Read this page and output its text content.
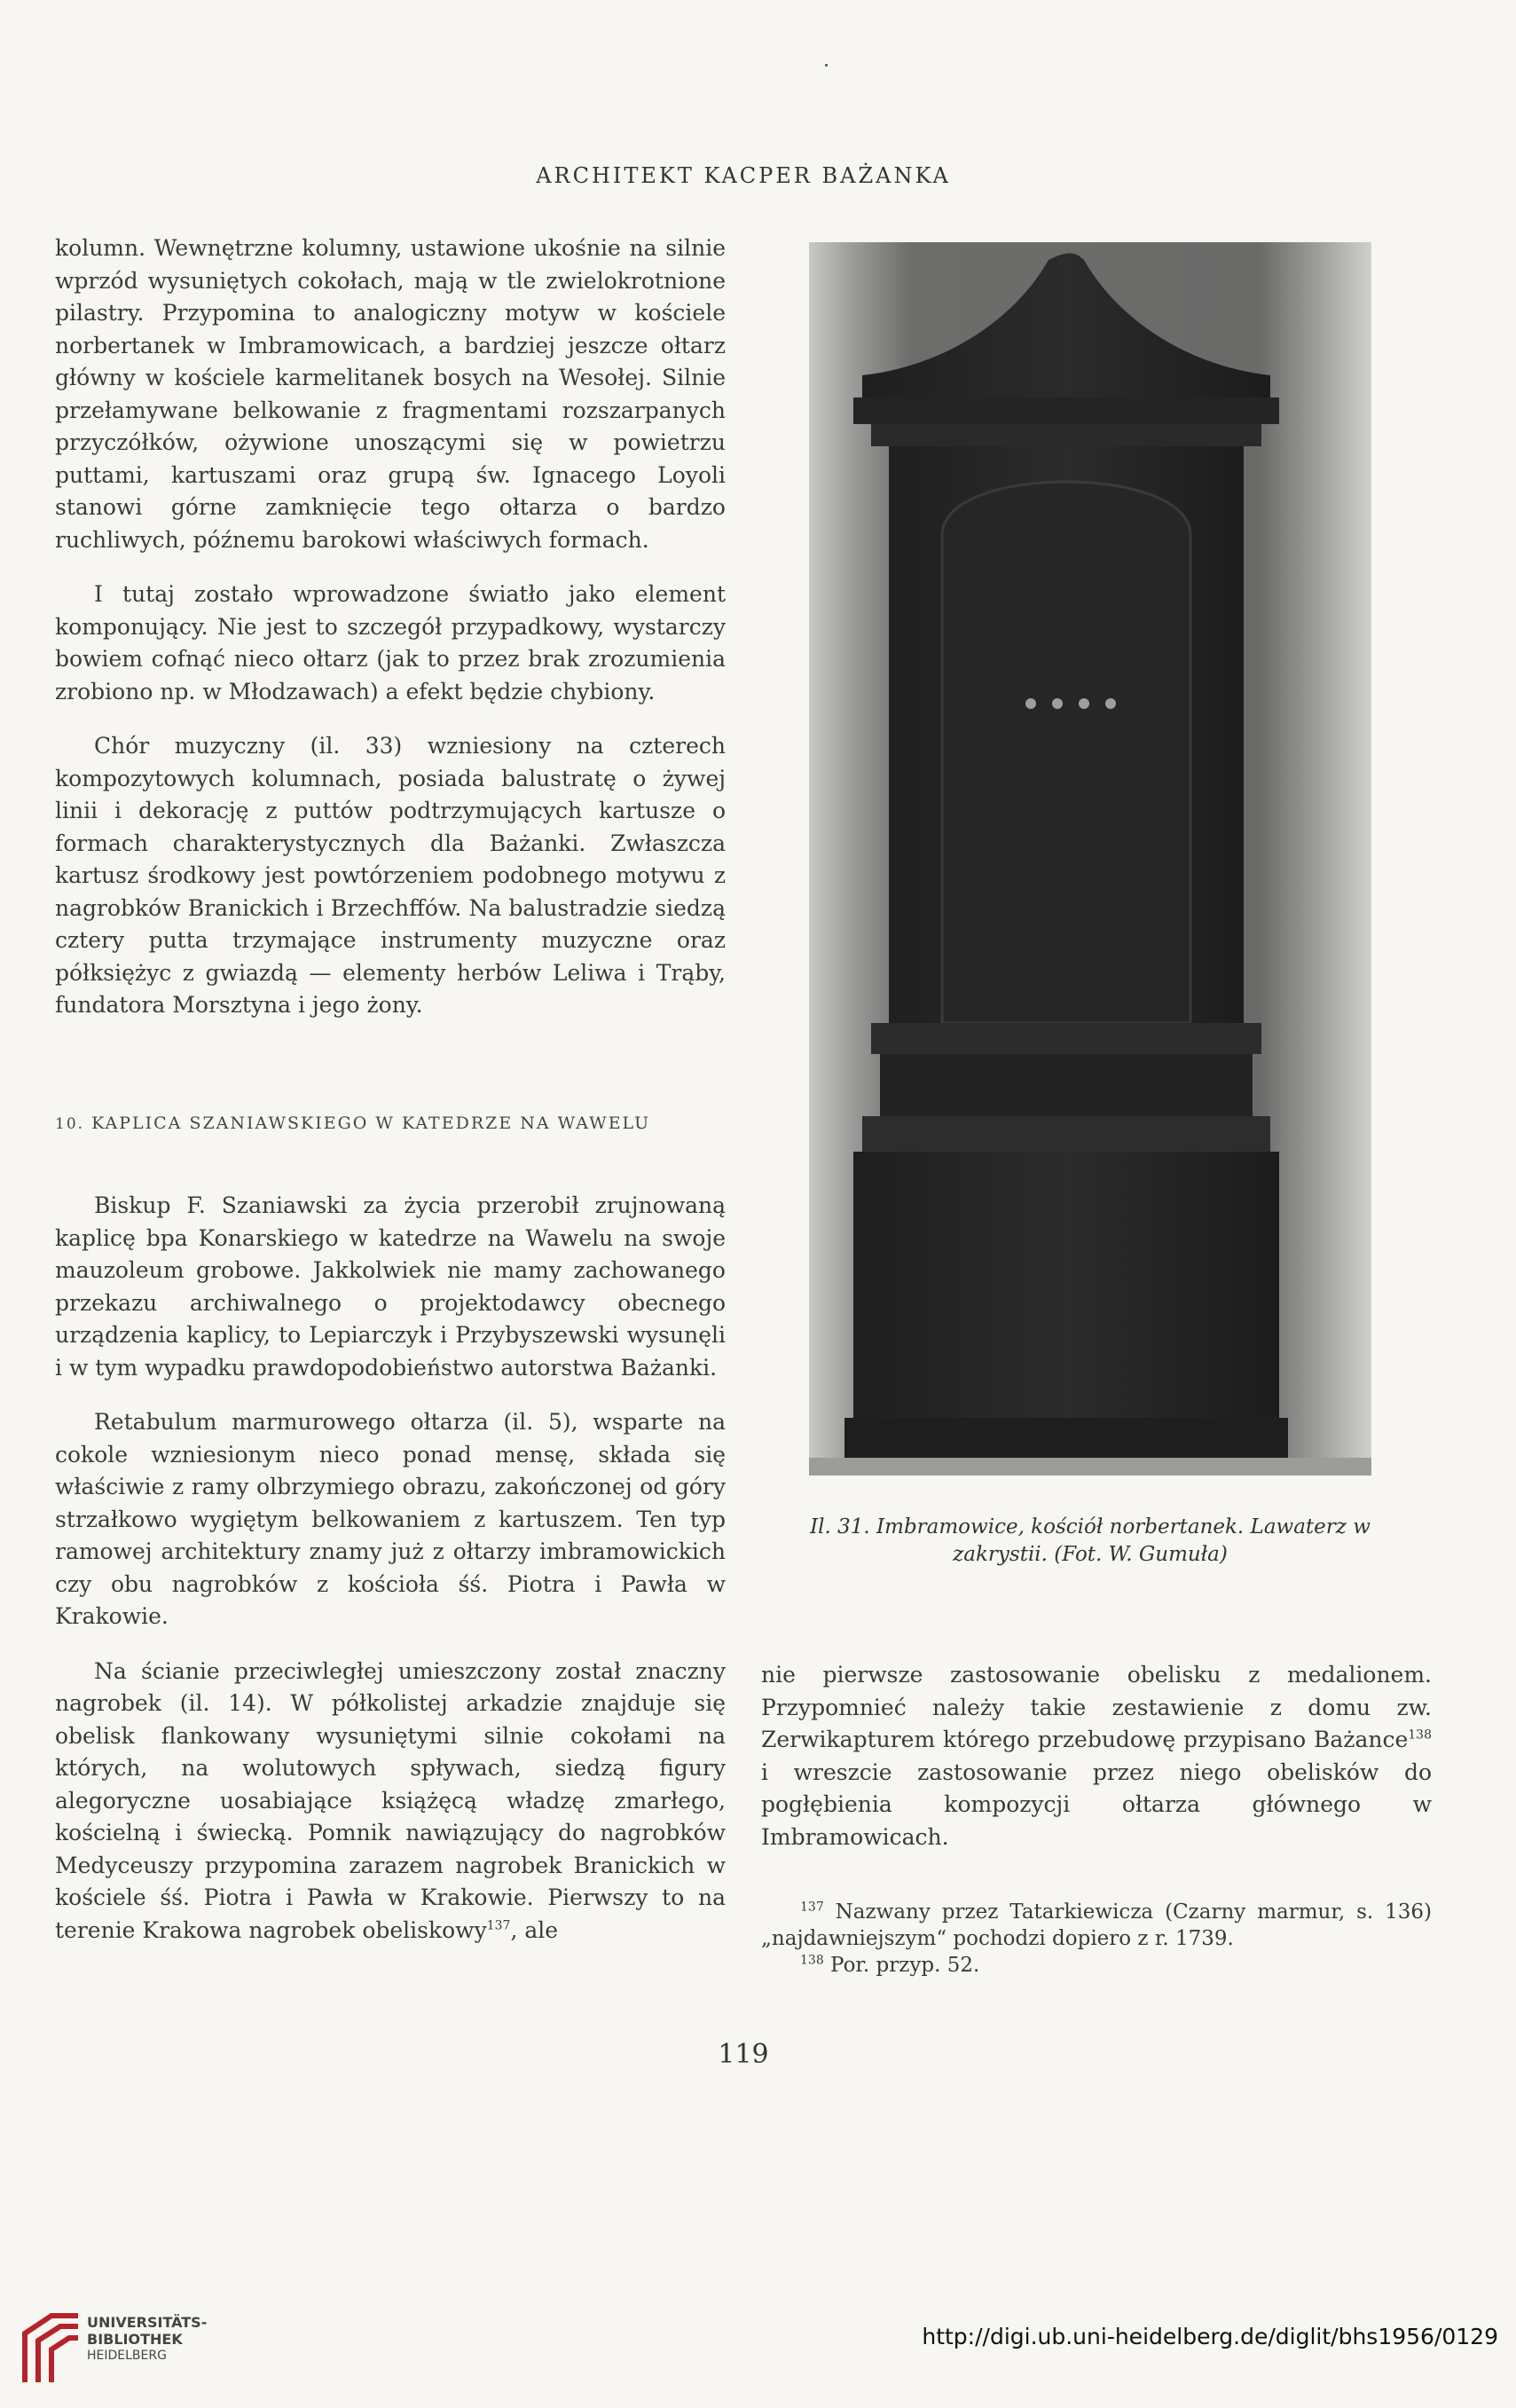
ARCHITEKT KACPER BAŻANKA

kolumn. Wewnętrzne kolumny, ustawione ukośnie na silnie wprzód wysuniętych cokołach, mają w tle zwielokrotnione pilastry. Przypomina to analogiczny motyw w kościele norbertanek w Imbramowicach, a bardziej jeszcze ołtarz główny w kościele karmelitanek bosych na Wesołej. Silnie przełamywane belkowanie z fragmentami rozszarpanych przyczółków, ożywione unoszącymi się w powietrzu puttami, kartuszami oraz grupą św. Ignacego Loyoli stanowi górne zamknięcie tego ołtarza o bardzo ruchliwych, późnemu barokowi właściwych formach.

I tutaj zostało wprowadzone światło jako element komponujący. Nie jest to szczegół przypadkowy, wystarczy bowiem cofnąć nieco ołtarz (jak to przez brak zrozumienia zrobiono np. w Młodzawach) a efekt będzie chybiony.

Chór muzyczny (il. 33) wzniesiony na czterech kompozytowych kolumnach, posiada balustratę o żywej linii i dekorację z puttów podtrzymujących kartusze o formach charakterystycznych dla Bażanki. Zwłaszcza kartusz środkowy jest powtórzeniem podobnego motywu z nagrobków Branickich i Brzechffów. Na balustradzie siedzą cztery putta trzymające instrumenty muzyczne oraz półksiężyc z gwiazdą — elementy herbów Leliwa i Trąby, fundatora Morsztyna i jego żony.

10. KAPLICA SZANIAWSKIEGO W KATEDRZE NA WAWELU

Biskup F. Szaniawski za życia przerobił zrujnowaną kaplicę bpa Konarskiego w katedrze na Wawelu na swoje mauzoleum grobowe. Jakkolwiek nie mamy zachowanego przekazu archiwalnego o projektodawcy obecnego urządzenia kaplicy, to Lepiarczyk i Przybyszewski wysunęli i w tym wypadku prawdopodobieństwo autorstwa Bażanki.

Retabulum marmurowego ołtarza (il. 5), wsparte na cokole wzniesionym nieco ponad mensę, składa się właściwie z ramy olbrzymiego obrazu, zakończonej od góry strzałkowo wygiętym belkowaniem z kartuszem. Ten typ ramowej architektury znamy już z ołtarzy imbramowickich czy obu nagrobków z kościoła śś. Piotra i Pawła w Krakowie.

Na ścianie przeciwległej umieszczony został znaczny nagrobek (il. 14). W półkolistej arkadzie znajduje się obelisk flankowany wysuniętymi silnie cokołami na których, na wolutowych spływach, siedzą figury alegoryczne uosabiające książęcą władzę zmarłego, kościelną i świecką. Pomnik nawiązujący do nagrobków Medyceuszy przypomina zarazem nagrobek Branickich w kościele śś. Piotra i Pawła w Krakowie. Pierwszy to na terenie Krakowa nagrobek obeliskowy$^{137}$, ale

Il. 31. Imbramowice, kościół norbertanek. Lawaterz w zakrystii. (Fot. W. Gumuła)

nie pierwsze zastosowanie obelisku z medalionem. Przypomnieć należy takie zestawienie z domu zw. Zerwikapturem którego przebudowę przypisano Bażance$^{138}$ i wreszcie zastosowanie przez niego obelisków do pogłębienia kompozycji ołtarza głównego w Imbramowicach.

$^{137}$ Nazwany przez Tatarkiewicza (Czarny marmur, s. 136) „najdawniejszym“ pochodzi dopiero z r. 1739.

$^{138}$ Por. przyp. 52.

119
UNIVERSITÄTS-
BIBLIOTHEK
HEIDELBERG
http://digi.ub.uni-heidelberg.de/diglit/bhs1956/0129
